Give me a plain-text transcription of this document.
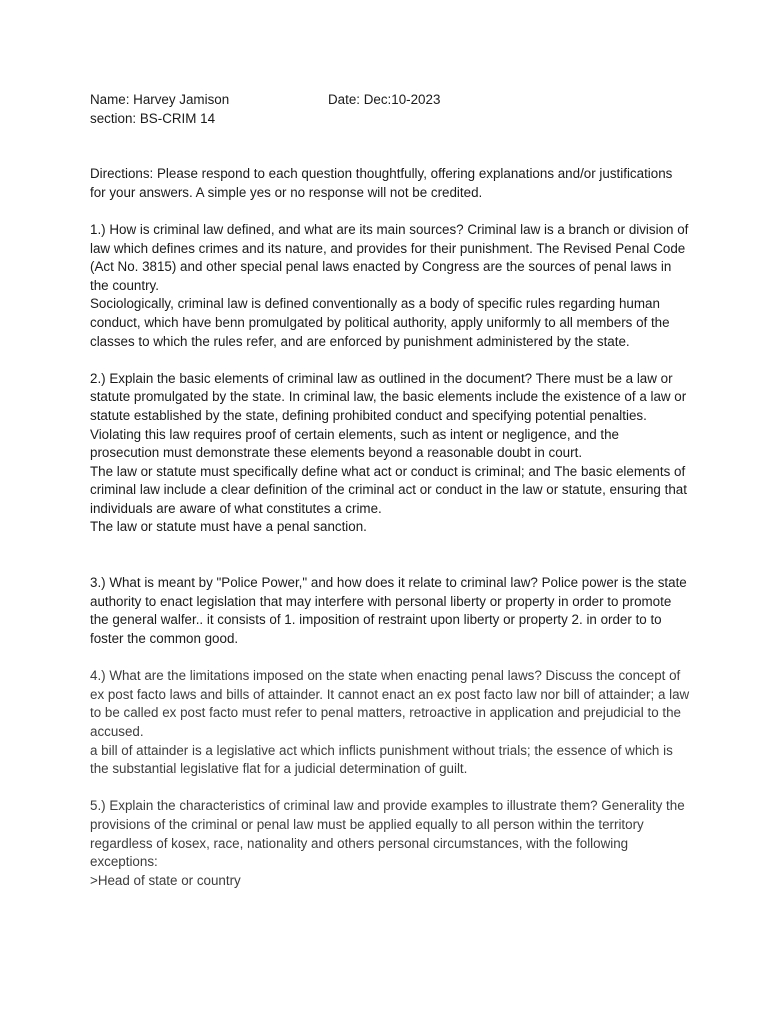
Name: Harvey Jamison	Date: Dec:10-2023
section: BS-CRIM 14

Directions: Please respond to each question thoughtfully, offering explanations and/or justifications for your answers. A simple yes or no response will not be credited.

1.) How is criminal law defined, and what are its main sources? Criminal law is a branch or division of law which defines crimes and its nature, and provides for their punishment. The Revised Penal Code (Act No. 3815) and other special penal laws enacted by Congress are the sources of penal laws in the country.

Sociologically, criminal law is defined conventionally as a body of specific rules regarding human conduct, which have benn promulgated by political authority, apply uniformly to all members of the classes to which the rules refer, and are enforced by punishment administered by the state.

2.) Explain the basic elements of criminal law as outlined in the document? There must be a law or statute promulgated by the state. In criminal law, the basic elements include the existence of a law or statute established by the state, defining prohibited conduct and specifying potential penalties. Violating this law requires proof of certain elements, such as intent or negligence, and the prosecution must demonstrate these elements beyond a reasonable doubt in court.

The law or statute must specifically define what act or conduct is criminal; and The basic elements of criminal law include a clear definition of the criminal act or conduct in the law or statute, ensuring that individuals are aware of what constitutes a crime.

The law or statute must have a penal sanction.

3.) What is meant by "Police Power," and how does it relate to criminal law? Police power is the state authority to enact legislation that may interfere with personal liberty or property in order to promote the general walfer.. it consists of 1. imposition of restraint upon liberty or property 2. in order to to foster the common good.

4.) What are the limitations imposed on the state when enacting penal laws? Discuss the concept of ex post facto laws and bills of attainder. It cannot enact an ex post facto law nor bill of attainder; a law to be called ex post facto must refer to penal matters, retroactive in application and prejudicial to the accused.

a bill of attainder is a legislative act which inflicts punishment without trials; the essence of which is the substantial legislative flat for a judicial determination of guilt.

5.) Explain the characteristics of criminal law and provide examples to illustrate them? Generality the provisions of the criminal or penal law must be applied equally to all person within the territory regardless of kosex, race, nationality and others personal circumstances, with the following exceptions:

>Head of state or country
